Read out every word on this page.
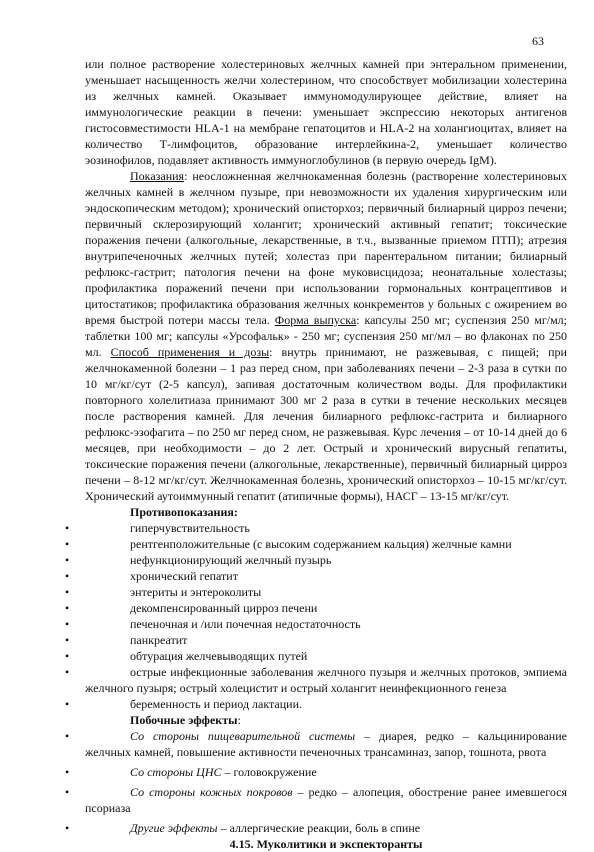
63

или полное растворение холестериновых желчных камней при энтеральном применении, уменьшает насыщенность желчи холестерином, что способствует мобилизации холестерина из желчных камней. Оказывает иммуномодулирующее действие, влияет на иммунологические реакции в печени: уменьшает экспрессию некоторых антигенов гистосовместимости HLA-1 на мембране гепатоцитов и HLA-2 на холангиоцитах, влияет на количество Т-лимфоцитов, образование интерлейкина-2, уменьшает количество эозинофилов, подавляет активность иммуноглобулинов (в первую очередь IgM).

Показания: неосложненная желчнокаменная болезнь (растворение холестериновых желчных камней в желчном пузыре, при невозможности их удаления хирургическим или эндоскопическим методом); хронический описторхоз; первичный билиарный цирроз печени; первичный склерозирующий холангит; хронический активный гепатит; токсические поражения печени (алкогольные, лекарственные, в т.ч., вызванные приемом ПТП); атрезия внутрипеченочных желчных путей; холестаз при парентеральном питании; билиарный рефлюкс-гастрит; патология печени на фоне муковисцидоза; неонатальные холестазы; профилактика поражений печени при использовании гормональных контрацептивов и цитостатиков; профилактика образования желчных конкрементов у больных с ожирением во время быстрой потери массы тела. Форма выпуска: капсулы 250 мг; суспензия 250 мг/мл; таблетки 100 мг; капсулы «Урсофальк» - 250 мг; суспензия 250 мг/мл – во флаконах по 250 мл. Способ применения и дозы: внутрь принимают, не разжевывая, с пищей; при желчнокаменной болезни – 1 раз перед сном, при заболеваниях печени – 2-3 раза в сутки по 10 мг/кг/сут (2-5 капсул), запивая достаточным количеством воды. Для профилактики повторного холелитиаза принимают 300 мг 2 раза в сутки в течение нескольких месяцев после растворения камней. Для лечения билиарного рефлюкс-гастрита и билиарного рефлюкс-эзофагита – по 250 мг перед сном, не разжевывая. Курс лечения – от 10-14 дней до 6 месяцев, при необходимости – до 2 лет. Острый и хронический вирусный гепатиты, токсические поражения печени (алкогольные, лекарственные), первичный билиарный цирроз печени – 8-12 мг/кг/сут. Желчнокаменная болезнь, хронический описторхоз – 10-15 мг/кг/сут. Хронический аутоиммунный гепатит (атипичные формы), НАСГ – 13-15 мг/кг/сут.

Противопоказания:

•	гиперчувствительность
•	рентгенположительные (с высоким содержанием кальция) желчные камни
•	нефункционирующий желчный пузырь
•	хронический гепатит
•	энтериты и энтероколиты
•	декомпенсированный цирроз печени
•	печеночная и /или почечная недостаточность
•	панкреатит
•	обтурация желчевыводящих путей
•	острые инфекционные заболевания желчного пузыря и желчных протоков, эмпиема желчного пузыря; острый холецистит и острый холангит неинфекционного генеза
•	беременность и период лактации.

Побочные эффекты:

•	Со стороны пищеварительной системы – диарея, редко – кальцинирование желчных камней, повышение активности печеночных трансаминаз, запор, тошнота, рвота
•	Со стороны ЦНС – головокружение
•	Со стороны кожных покровов – редко – алопеция, обострение ранее имевшегося псориаза
•	Другие эффекты – аллергические реакции, боль в спине

4.15. Муколитики и экспекторанты
